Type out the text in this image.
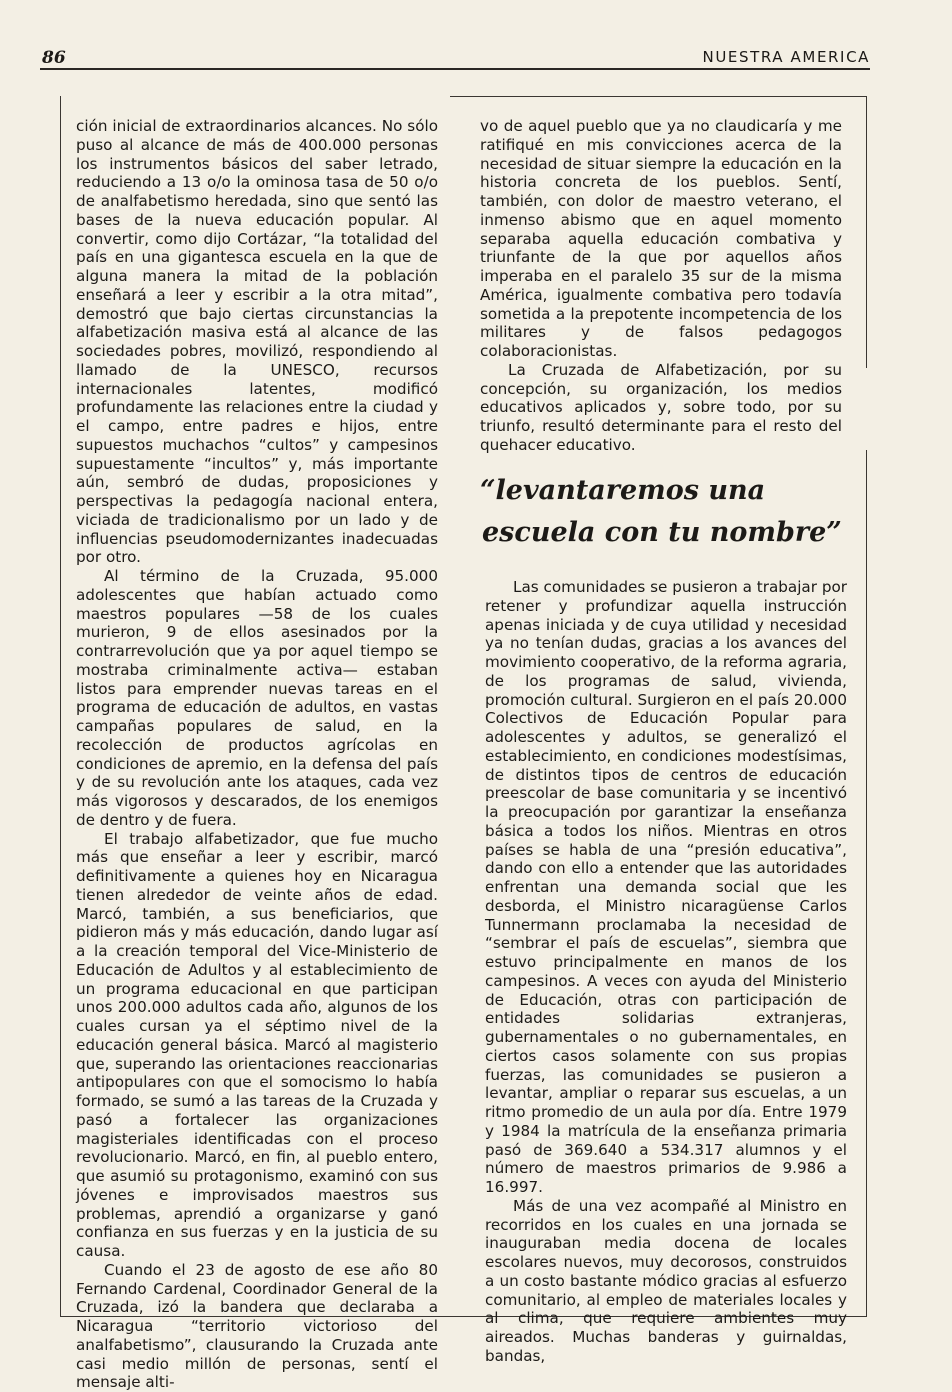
86	NUESTRA AMERICA

ción inicial de extraordinarios alcances. No sólo puso al alcance de más de 400.000 personas los instrumentos básicos del saber letrado, reduciendo a 13 o/o la ominosa tasa de 50 o/o de analfabetismo heredada, sino que sentó las bases de la nueva educación popular. Al convertir, como dijo Cortázar, “la totalidad del país en una gigantesca escuela en la que de alguna manera la mitad de la población enseñará a leer y escribir a la otra mitad”, demostró que bajo ciertas circunstancias la alfabetización masiva está al alcance de las sociedades pobres, movilizó, respondiendo al llamado de la UNESCO, recursos internacionales latentes, modificó profundamente las relaciones entre la ciudad y el campo, entre padres e hijos, entre supuestos muchachos “cultos” y campesinos supuestamente “incultos” y, más importante aún, sembró de dudas, proposiciones y perspectivas la pedagogía nacional entera, viciada de tradicionalismo por un lado y de influencias pseudomodernizantes inadecuadas por otro.

Al término de la Cruzada, 95.000 adolescentes que habían actuado como maestros populares —58 de los cuales murieron, 9 de ellos asesinados por la contrarrevolución que ya por aquel tiempo se mostraba criminalmente activa— estaban listos para emprender nuevas tareas en el programa de educación de adultos, en vastas campañas populares de salud, en la recolección de productos agrícolas en condiciones de apremio, en la defensa del país y de su revolución ante los ataques, cada vez más vigorosos y descarados, de los enemigos de dentro y de fuera.

El trabajo alfabetizador, que fue mucho más que enseñar a leer y escribir, marcó definitivamente a quienes hoy en Nicaragua tienen alrededor de veinte años de edad. Marcó, también, a sus beneficiarios, que pidieron más y más educación, dando lugar así a la creación temporal del Vice-Ministerio de Educación de Adultos y al establecimiento de un programa educacional en que participan unos 200.000 adultos cada año, algunos de los cuales cursan ya el séptimo nivel de la educación general básica. Marcó al magisterio que, superando las orientaciones reaccionarias antipopulares con que el somocismo lo había formado, se sumó a las tareas de la Cruzada y pasó a fortalecer las organizaciones magisteriales identificadas con el proceso revolucionario. Marcó, en fin, al pueblo entero, que asumió su protagonismo, examinó con sus jóvenes e improvisados maestros sus problemas, aprendió a organizarse y ganó confianza en sus fuerzas y en la justicia de su causa.

Cuando el 23 de agosto de ese año 80 Fernando Cardenal, Coordinador General de la Cruzada, izó la bandera que declaraba a Nicaragua “territorio victorioso del analfabetismo”, clausurando la Cruzada ante casi medio millón de personas, sentí el mensaje alti-

vo de aquel pueblo que ya no claudicaría y me ratifiqué en mis convicciones acerca de la necesidad de situar siempre la educación en la historia concreta de los pueblos. Sentí, también, con dolor de maestro veterano, el inmenso abismo que en aquel momento separaba aquella educación combativa y triunfante de la que por aquellos años imperaba en el paralelo 35 sur de la misma América, igualmente combativa pero todavía sometida a la prepotente incompetencia de los militares y de falsos pedagogos colaboracionistas.

La Cruzada de Alfabetización, por su concepción, su organización, los medios educativos aplicados y, sobre todo, por su triunfo, resultó determinante para el resto del quehacer educativo.

“levantaremos una
escuela con tu nombre”

Las comunidades se pusieron a trabajar por retener y profundizar aquella instrucción apenas iniciada y de cuya utilidad y necesidad ya no tenían dudas, gracias a los avances del movimiento cooperativo, de la reforma agraria, de los programas de salud, vivienda, promoción cultural. Surgieron en el país 20.000 Colectivos de Educación Popular para adolescentes y adultos, se generalizó el establecimiento, en condiciones modestísimas, de distintos tipos de centros de educación preescolar de base comunitaria y se incentivó la preocupación por garantizar la enseñanza básica a todos los niños. Mientras en otros países se habla de una “presión educativa”, dando con ello a entender que las autoridades enfrentan una demanda social que les desborda, el Ministro nicaragüense Carlos Tunnermann proclamaba la necesidad de “sembrar el país de escuelas”, siembra que estuvo principalmente en manos de los campesinos. A veces con ayuda del Ministerio de Educación, otras con participación de entidades solidarias extranjeras, gubernamentales o no gubernamentales, en ciertos casos solamente con sus propias fuerzas, las comunidades se pusieron a levantar, ampliar o reparar sus escuelas, a un ritmo promedio de un aula por día. Entre 1979 y 1984 la matrícula de la enseñanza primaria pasó de 369.640 a 534.317 alumnos y el número de maestros primarios de 9.986 a 16.997.

Más de una vez acompañé al Ministro en recorridos en los cuales en una jornada se inauguraban media docena de locales escolares nuevos, muy decorosos, construidos a un costo bastante módico gracias al esfuerzo comunitario, al empleo de materiales locales y al clima, que requiere ambientes muy aireados. Muchas banderas y guirnaldas, bandas,
